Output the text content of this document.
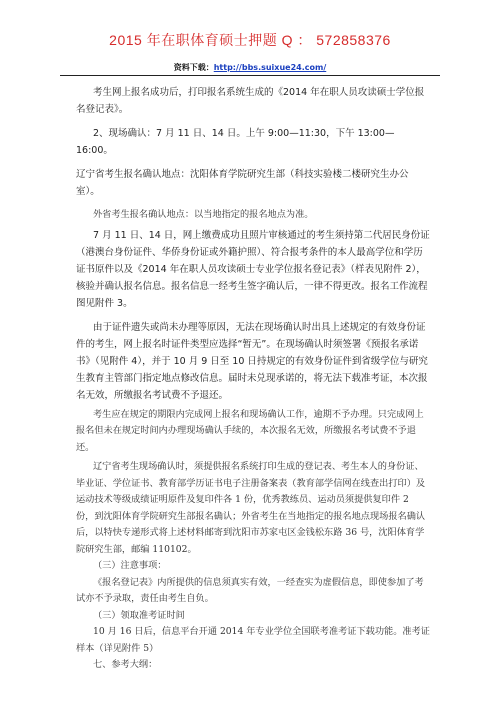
2015 年在职体育硕士押题 Q ： 572858376
资料下载：http://bbs.suixue24.com/

考生网上报名成功后，打印报名系统生成的《2014 年在职人员攻读硕士学位报名登记表》。

2、现场确认：7 月 11 日、14 日。上午 9:00—11:30，下午 13:00—16:00。

辽宁省考生报名确认地点：沈阳体育学院研究生部（科技实验楼二楼研究生办公室）。

外省考生报名确认地点：以当地指定的报名地点为准。

7 月 11 日、14 日，网上缴费成功且照片审核通过的考生须持第二代居民身份证（港澳台身份证件、华侨身份证或外籍护照）、符合报考条件的本人最高学位和学历证书原件以及《2014 年在职人员攻读硕士专业学位报名登记表》（样表见附件 2），核验并确认报名信息。报名信息一经考生签字确认后，一律不得更改。报名工作流程图见附件 3。

由于证件遗失或尚未办理等原因，无法在现场确认时出具上述规定的有效身份证件的考生，网上报名时证件类型应选择“暂无”。在现场确认时须签署《预报名承诺书》（见附件 4），并于 10 月 9 日至 10 日持规定的有效身份证件到省级学位与研究生教育主管部门指定地点修改信息。届时未兑现承诺的，将无法下载准考证，本次报名无效，所缴报名考试费不予退还。

考生应在规定的期限内完成网上报名和现场确认工作，逾期不予办理。只完成网上报名但未在规定时间内办理现场确认手续的，本次报名无效，所缴报名考试费不予退还。

辽宁省考生现场确认时，须提供报名系统打印生成的登记表、考生本人的身份证、毕业证、学位证书、教育部学历证书电子注册备案表（教育部学信网在线查出打印）及运动技术等级成绩证明原件及复印件各 1 份，优秀教练员、运动员须提供复印件 2 份，到沈阳体育学院研究生部报名确认；外省考生在当地指定的报名地点现场报名确认后，以特快专递形式将上述材料邮寄到沈阳市苏家屯区金钱松东路 36 号，沈阳体育学院研究生部，邮编 110102。

（三）注意事项：

《报名登记表》内所提供的信息须真实有效，一经查实为虚假信息，即使参加了考试亦不予录取，责任由考生自负。

（三）领取准考证时间

10 月 16 日后，信息平台开通 2014 年专业学位全国联考准考证下载功能。准考证样本（详见附件 5）

七、参考大纲：
